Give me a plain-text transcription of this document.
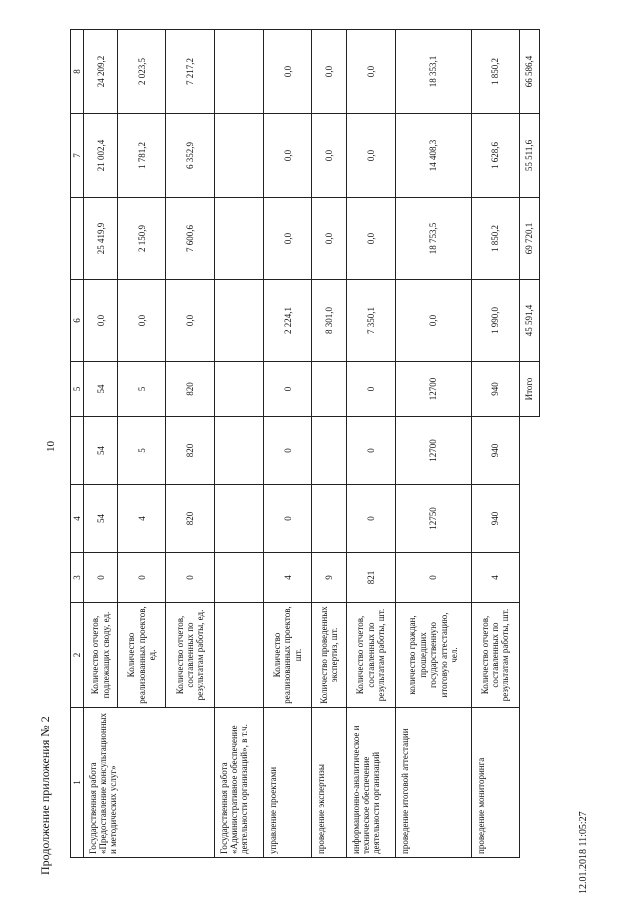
10
Продолжение приложения № 2	12.01.2018 11:05:27
1	2	3	4		5	6		7	8
Государственная работа «Предоставление консультационных и методических услуг»	Количество отчетов, подлежащих своду, ед.	0	54	54	54	0,0	25 419,9	21 002,4	24 209,2
	Количество реализованных проектов, ед.	0	4	5	5	0,0	2 150,9	1 781,2	2 023,5
	Количество отчетов, составленных по результатам работы, ед.	0	820	820	820	0,0	7 600,6	6 352,9	7 217,2
Государственная работа «Административное обеспечение деятельности организаций», в т.ч.									
управление проектами	Количество реализованных проектов, шт.	4	0	0	0	2 224,1	0,0	0,0	0,0
проведение экспертизы	Количество проведенных экспертиз, шт.	9				8 301,0	0,0	0,0	0,0
информационно-аналитическое и техническое обеспечение деятельности организаций	Количество отчетов, составленных по результатам работы, шт.	821	0	0	0	7 350,1	0,0	0,0	0,0
проведение итоговой аттестации	количество граждан, прошедших государственную итоговую аттестацию, чел.	0	12750	12700	12700	0,0	18 753,5	14 408,3	18 353,1
проведение мониторинга	Количество отчетов, составленных по результатам работы, шт.	4	940	940	940	1 990,0	1 850,2	1 628,6	1 850,2
					Итого	45 591,4	69 720,1	55 511,6	66 586,4
